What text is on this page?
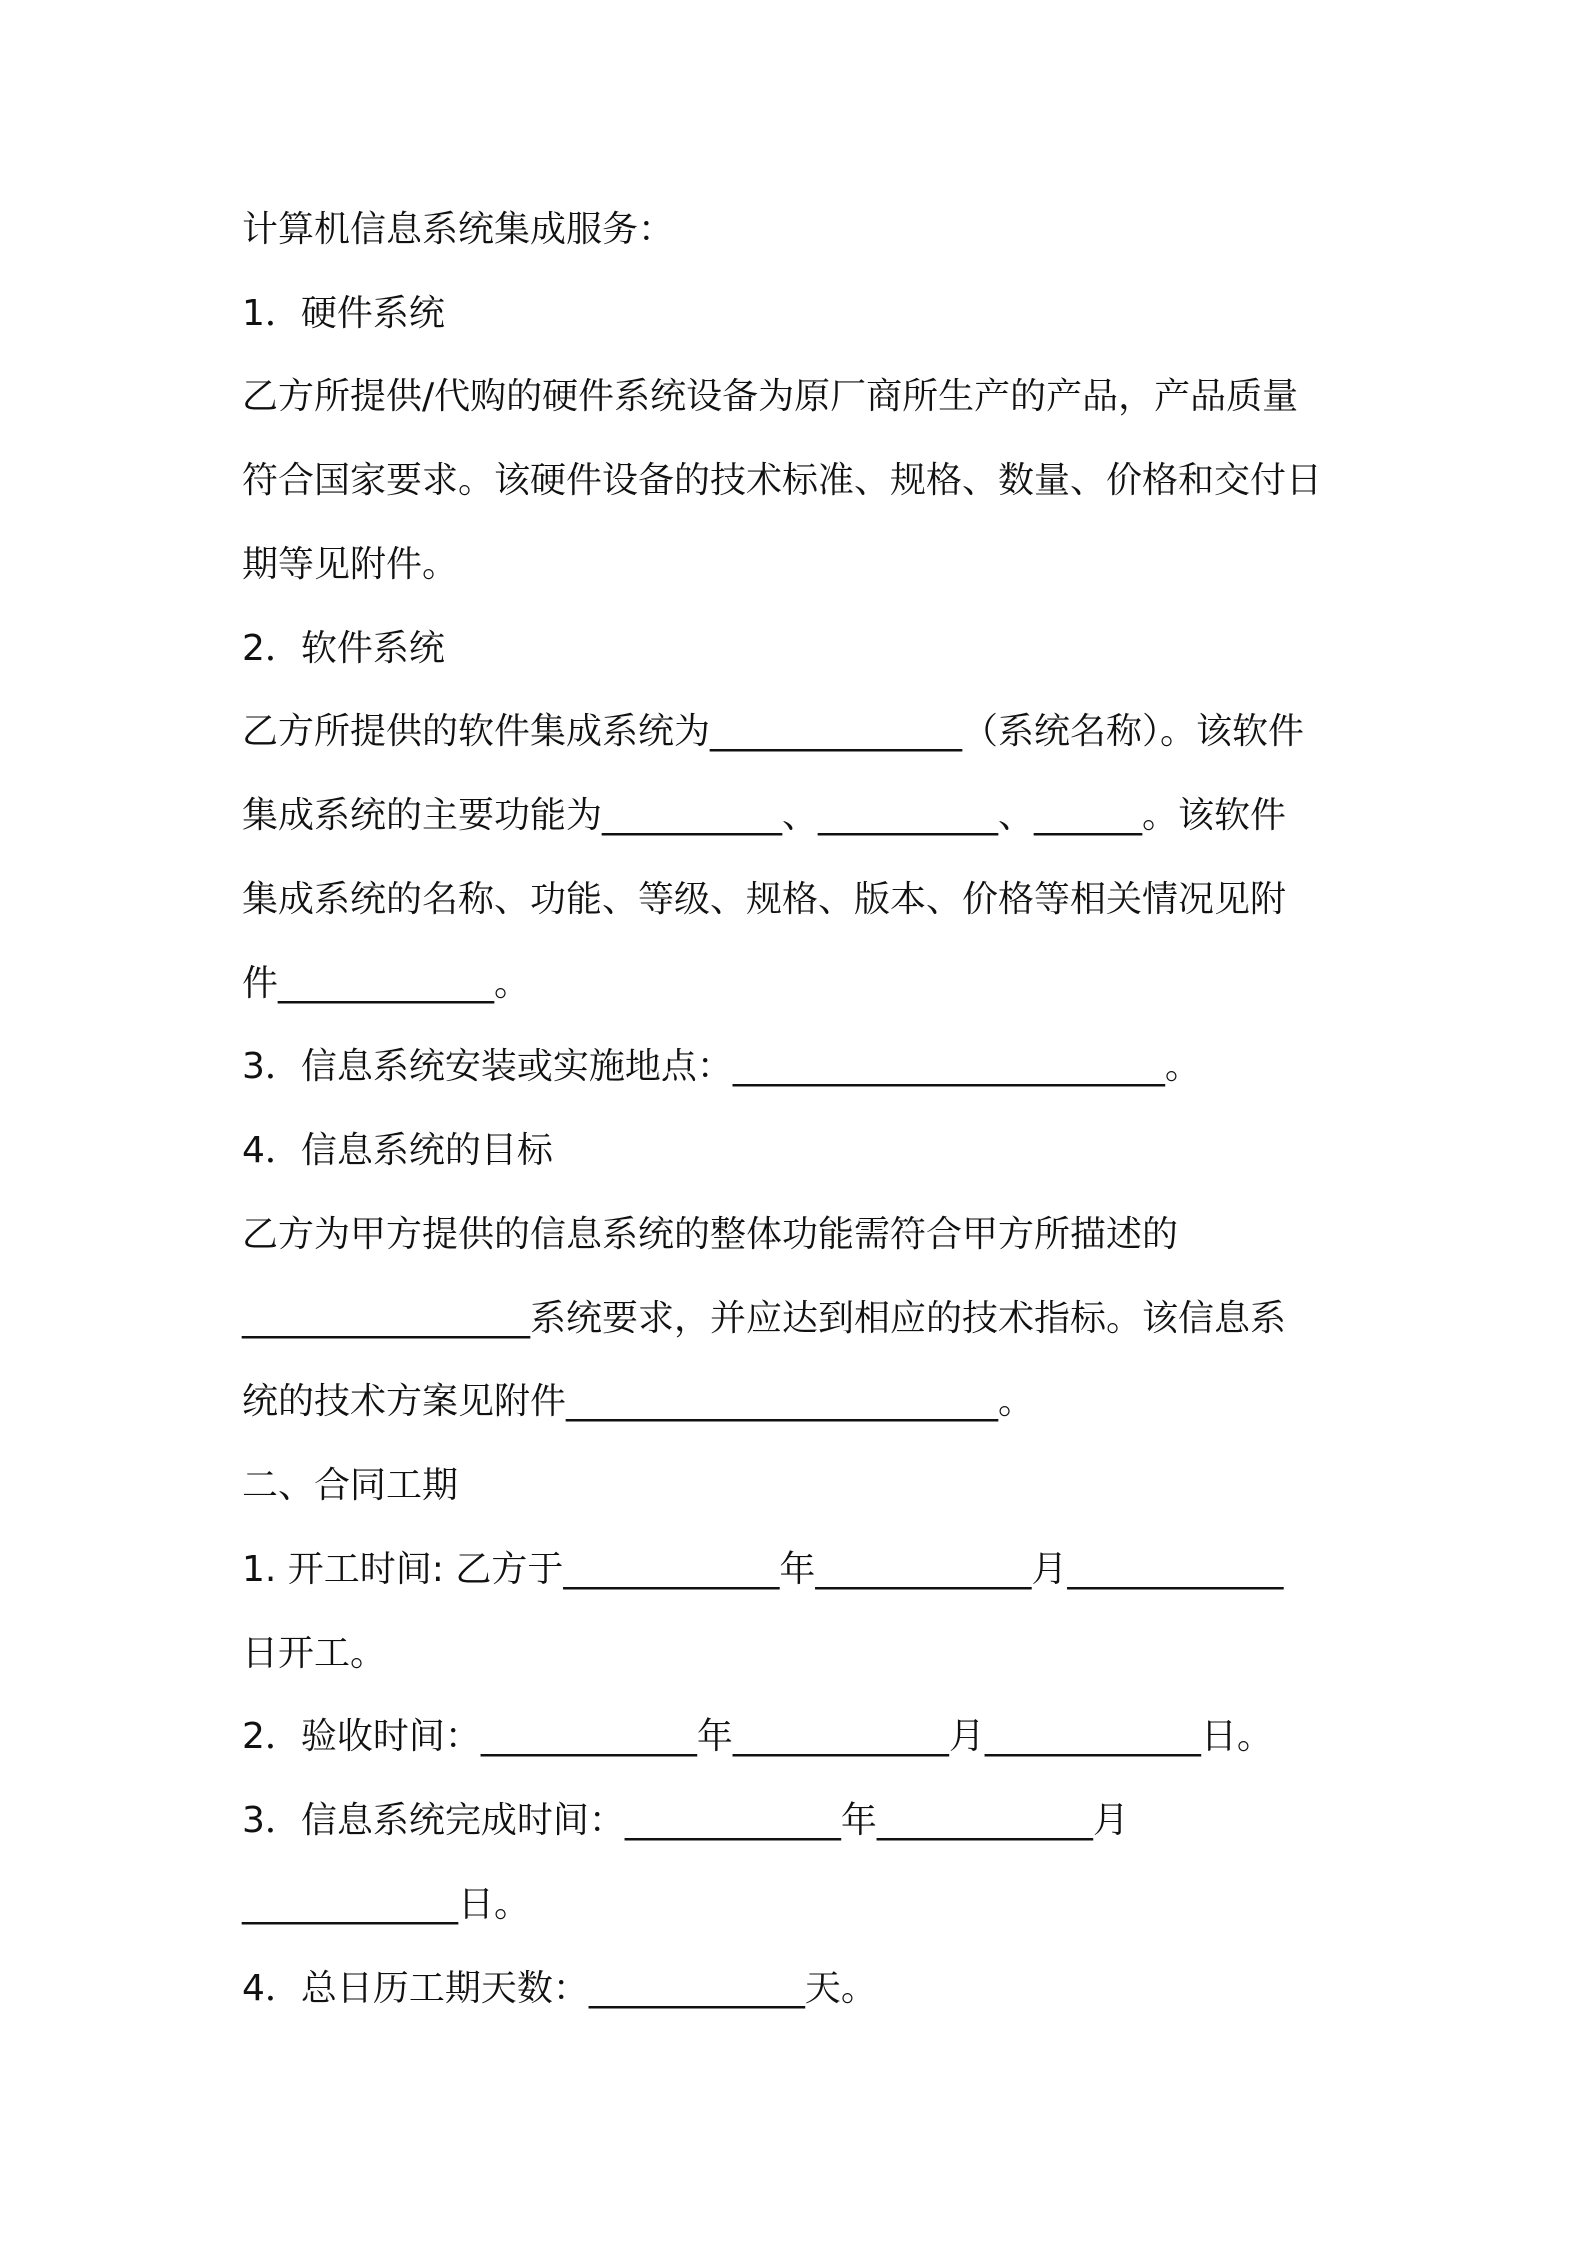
计算机信息系统集成服务：
1．硬件系统
乙方所提供/代购的硬件系统设备为原厂商所生产的产品，产品质量
符合国家要求。该硬件设备的技术标准、规格、数量、价格和交付日
期等见附件。
2．软件系统
乙方所提供的软件集成系统为______________（系统名称）。该软件
集成系统的主要功能为__________、__________、______。该软件
集成系统的名称、功能、等级、规格、版本、价格等相关情况见附
件____________。
3．信息系统安装或实施地点：________________________。
4．信息系统的目标
乙方为甲方提供的信息系统的整体功能需符合甲方所描述的
________________系统要求，并应达到相应的技术指标。该信息系
统的技术方案见附件________________________。
二、合同工期
1. 开工时间: 乙方于____________年____________月____________
日开工。
2．验收时间：____________年____________月____________日。
3．信息系统完成时间：____________年____________月
____________日。
4．总日历工期天数：____________天。
